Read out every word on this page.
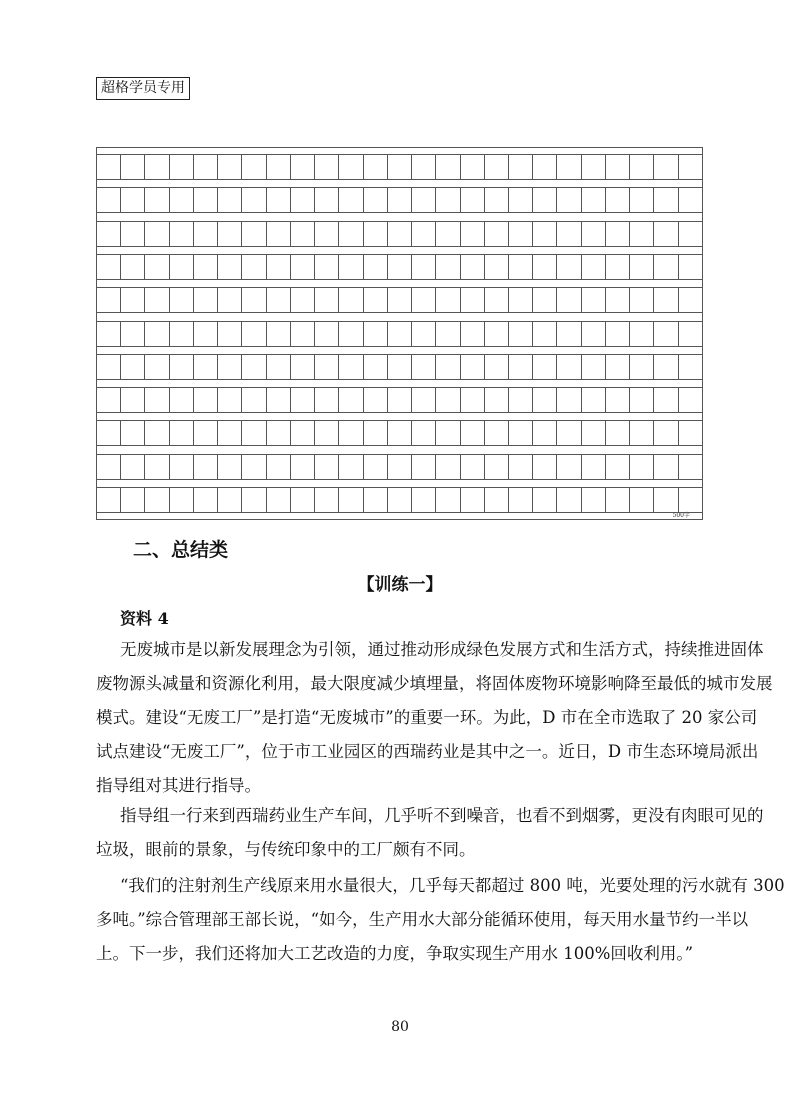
超格学员专用
500字
二、总结类
【训练一】
资料 4
无废城市是以新发展理念为引领，通过推动形成绿色发展方式和生活方式，持续推进固体
废物源头减量和资源化利用，最大限度减少填埋量，将固体废物环境影响降至最低的城市发展
模式。建设“无废工厂”是打造“无废城市”的重要一环。为此，D 市在全市选取了 20 家公司
试点建设“无废工厂”，位于市工业园区的西瑞药业是其中之一。近日，D 市生态环境局派出
指导组对其进行指导。
指导组一行来到西瑞药业生产车间，几乎听不到噪音，也看不到烟雾，更没有肉眼可见的
垃圾，眼前的景象，与传统印象中的工厂颇有不同。
“我们的注射剂生产线原来用水量很大，几乎每天都超过 800 吨，光要处理的污水就有 300
多吨。”综合管理部王部长说，“如今，生产用水大部分能循环使用，每天用水量节约一半以
上。下一步，我们还将加大工艺改造的力度，争取实现生产用水 100%回收利用。”
80
